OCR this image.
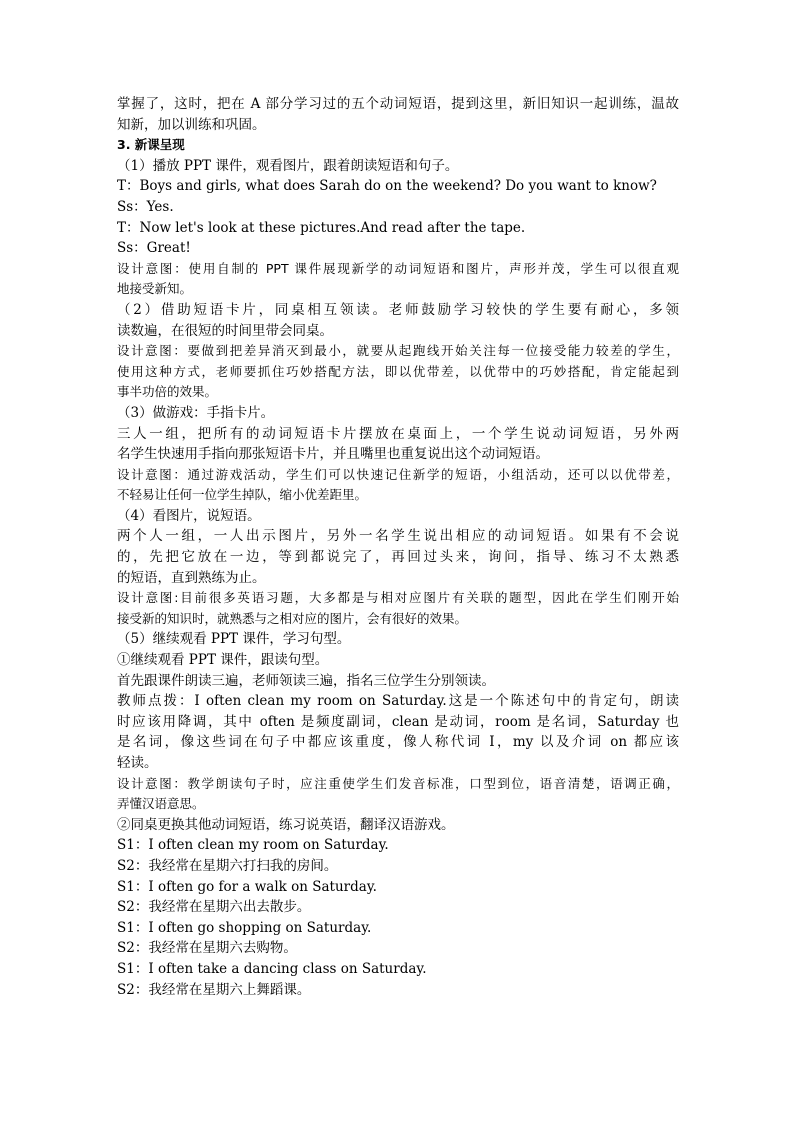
掌握了，这时，把在 A 部分学习过的五个动词短语，提到这里，新旧知识一起训练，温故
知新，加以训练和巩固。
3. 新课呈现
（1）播放 PPT 课件，观看图片，跟着朗读短语和句子。
T：Boys and girls, what does Sarah do on the weekend? Do you want to know?
Ss：Yes.
T：Now let's look at these pictures.And read after the tape.
Ss：Great!
设计意图：使用自制的 PPT 课件展现新学的动词短语和图片，声形并茂，学生可以很直观
地接受新知。
（2）借助短语卡片，同桌相互领读。老师鼓励学习较快的学生要有耐心，多领
读数遍，在很短的时间里带会同桌。
设计意图：要做到把差异消灭到最小，就要从起跑线开始关注每一位接受能力较差的学生，
使用这种方式，老师要抓住巧妙搭配方法，即以优带差，以优带中的巧妙搭配，肯定能起到
事半功倍的效果。
（3）做游戏：手指卡片。
三人一组，把所有的动词短语卡片摆放在桌面上，一个学生说动词短语，另外两
名学生快速用手指向那张短语卡片，并且嘴里也重复说出这个动词短语。
设计意图：通过游戏活动，学生们可以快速记住新学的短语，小组活动，还可以以优带差，
不轻易让任何一位学生掉队，缩小优差距里。
（4）看图片，说短语。
两个人一组，一人出示图片，另外一名学生说出相应的动词短语。如果有不会说
的，先把它放在一边，等到都说完了，再回过头来，询问，指导、练习不太熟悉
的短语，直到熟练为止。
设计意图:目前很多英语习题，大多都是与相对应图片有关联的题型，因此在学生们刚开始
接受新的知识时，就熟悉与之相对应的图片，会有很好的效果。
（5）继续观看 PPT 课件，学习句型。
①继续观看 PPT 课件，跟读句型。
首先跟课件朗读三遍，老师领读三遍，指名三位学生分别领读。
教师点拨：I often clean my room on Saturday.这是一个陈述句中的肯定句，朗读
时应该用降调，其中 often 是频度副词，clean 是动词，room 是名词，Saturday 也
是名词，像这些词在句子中都应该重度，像人称代词 I，my 以及介词 on 都应该
轻读。
设计意图：教学朗读句子时，应注重使学生们发音标准，口型到位，语音清楚，语调正确，
弄懂汉语意思。
②同桌更换其他动词短语，练习说英语，翻译汉语游戏。
S1：I often clean my room on Saturday.
S2：我经常在星期六打扫我的房间。
S1：I often go for a walk on Saturday.
S2：我经常在星期六出去散步。
S1：I often go shopping on Saturday.
S2：我经常在星期六去购物。
S1：I often take a dancing class on Saturday.
S2：我经常在星期六上舞蹈课。
